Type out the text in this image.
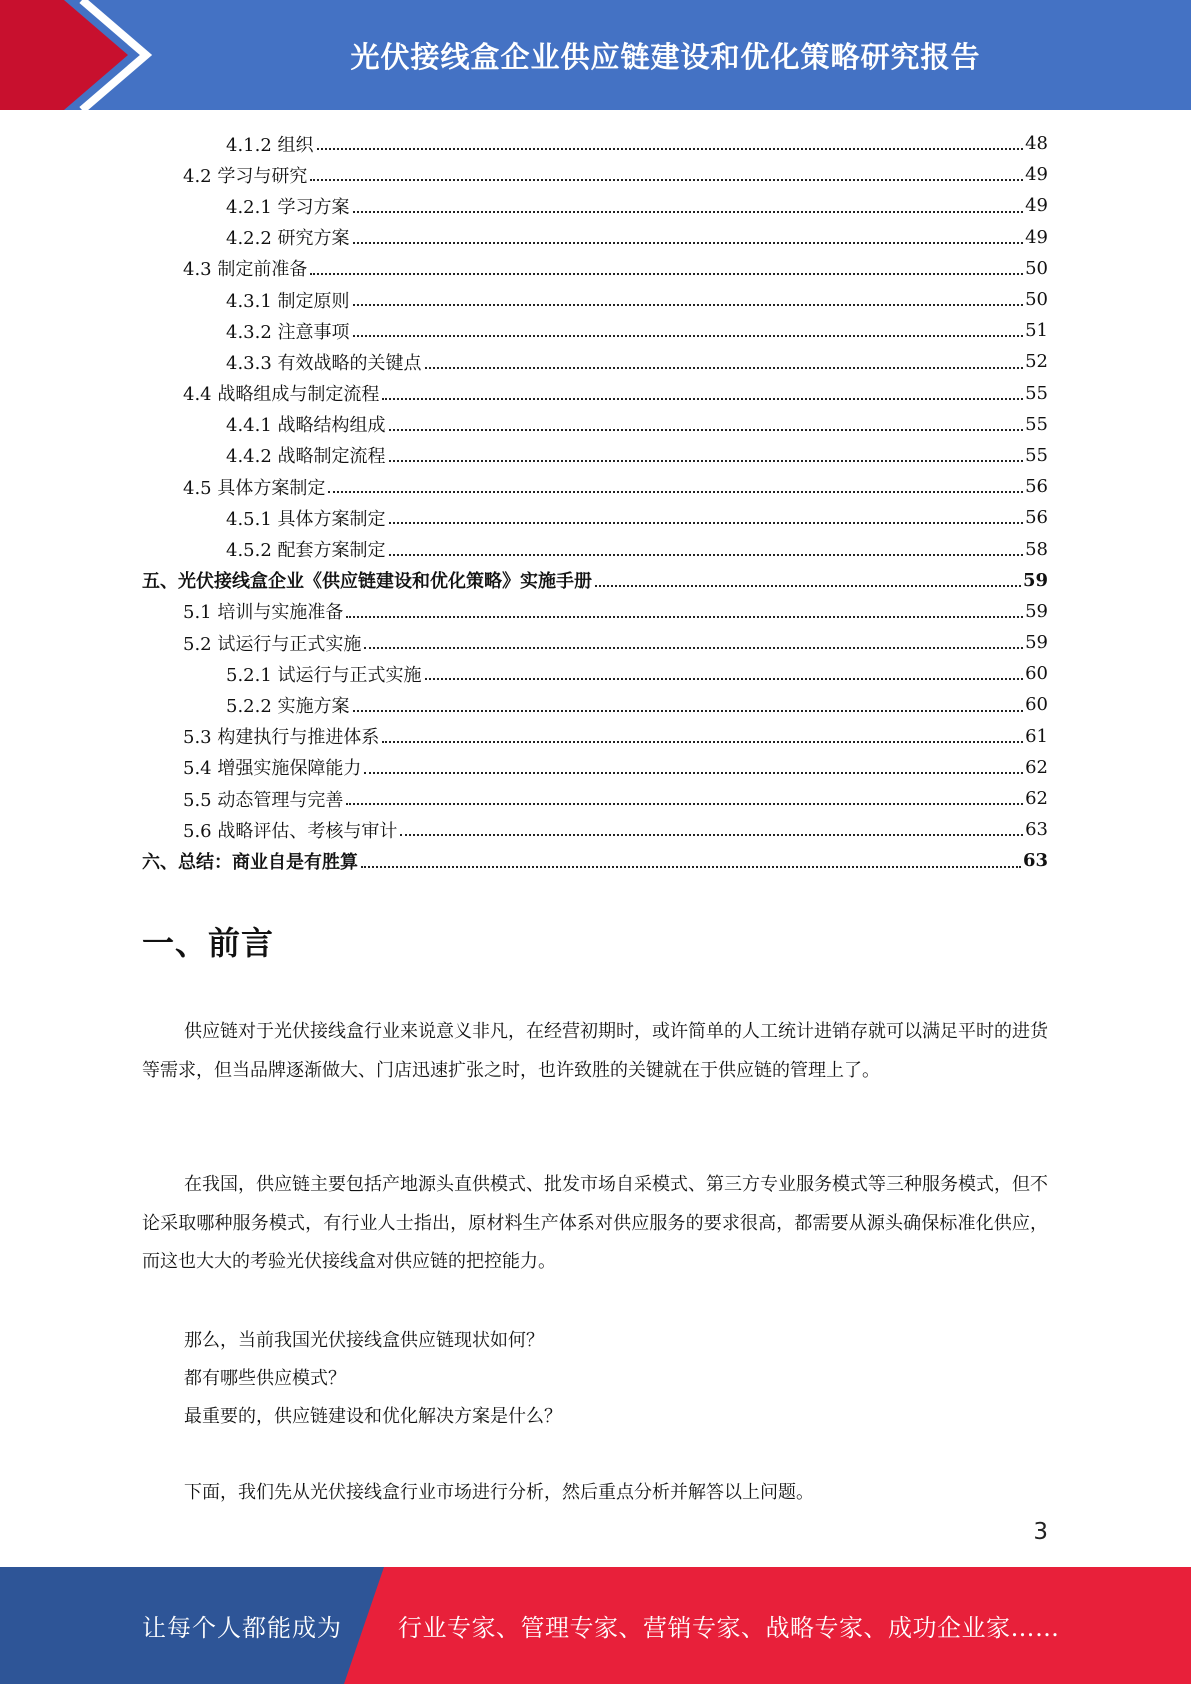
光伏接线盒企业供应链建设和优化策略研究报告
4.1.2 组织	48
4.2 学习与研究	49
4.2.1 学习方案	49
4.2.2 研究方案	49
4.3 制定前准备	50
4.3.1 制定原则	50
4.3.2 注意事项	51
4.3.3 有效战略的关键点	52
4.4 战略组成与制定流程	55
4.4.1 战略结构组成	55
4.4.2 战略制定流程	55
4.5 具体方案制定	56
4.5.1 具体方案制定	56
4.5.2 配套方案制定	58
五、光伏接线盒企业《供应链建设和优化策略》实施手册	59
5.1 培训与实施准备	59
5.2 试运行与正式实施	59
5.2.1 试运行与正式实施	60
5.2.2 实施方案	60
5.3 构建执行与推进体系	61
5.4 增强实施保障能力	62
5.5 动态管理与完善	62
5.6 战略评估、考核与审计	63
六、总结：商业自是有胜算	63
一、前言

供应链对于光伏接线盒行业来说意义非凡，在经营初期时，或许简单的人工统计进销存就可以满足平时的进货等需求，但当品牌逐渐做大、门店迅速扩张之时，也许致胜的关键就在于供应链的管理上了。

在我国，供应链主要包括产地源头直供模式、批发市场自采模式、第三方专业服务模式等三种服务模式，但不论采取哪种服务模式，有行业人士指出，原材料生产体系对供应服务的要求很高，都需要从源头确保标准化供应，而这也大大的考验光伏接线盒对供应链的把控能力。

那么，当前我国光伏接线盒供应链现状如何？

都有哪些供应模式？

最重要的，供应链建设和优化解决方案是什么？

下面，我们先从光伏接线盒行业市场进行分析，然后重点分析并解答以上问题。

3
让每个人都能成为 行业专家、管理专家、营销专家、战略专家、成功企业家……
